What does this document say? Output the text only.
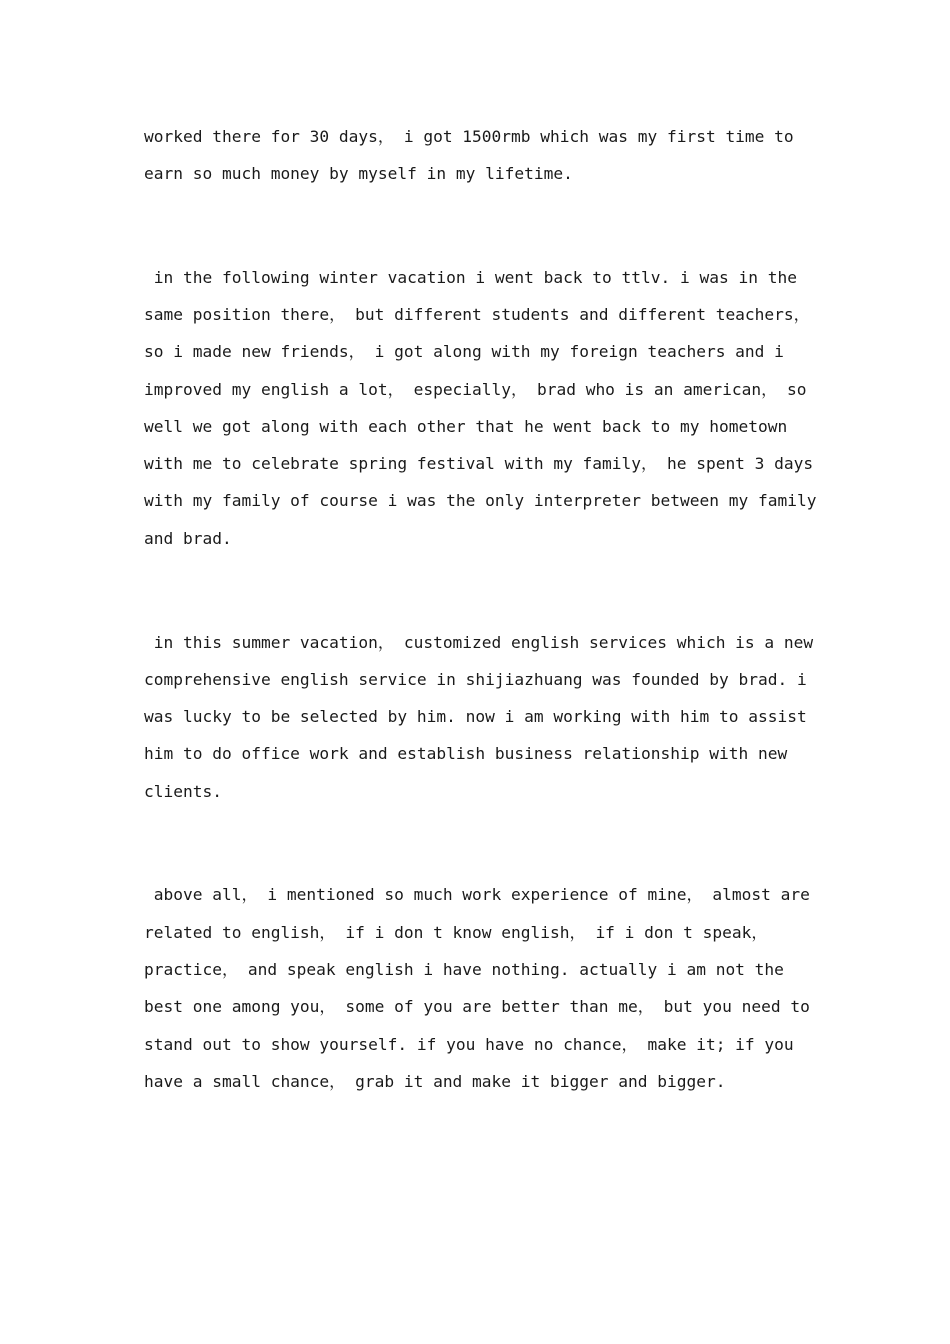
worked there for 30 days， i got 1500rmb which was my first time to

earn so much money by myself in my lifetime.

in the following winter vacation i went back to ttlv. i was in the

same position there， but different students and different teachers，

so i made new friends， i got along with my foreign teachers and i

improved my english a lot， especially， brad who is an american， so

well we got along with each other that he went back to my hometown

with me to celebrate spring festival with my family， he spent 3 days

with my family of course i was the only interpreter between my family

and brad.

in this summer vacation， customized english services which is a new

comprehensive english service in shijiazhuang was founded by brad. i

was lucky to be selected by him. now i am working with him to assist

him to do office work and establish business relationship with new

clients.

above all， i mentioned so much work experience of mine， almost are

related to english， if i don t know english， if i don t speak，

practice， and speak english i have nothing. actually i am not the

best one among you， some of you are better than me， but you need to

stand out to show yourself. if you have no chance， make it; if you

have a small chance， grab it and make it bigger and bigger.
